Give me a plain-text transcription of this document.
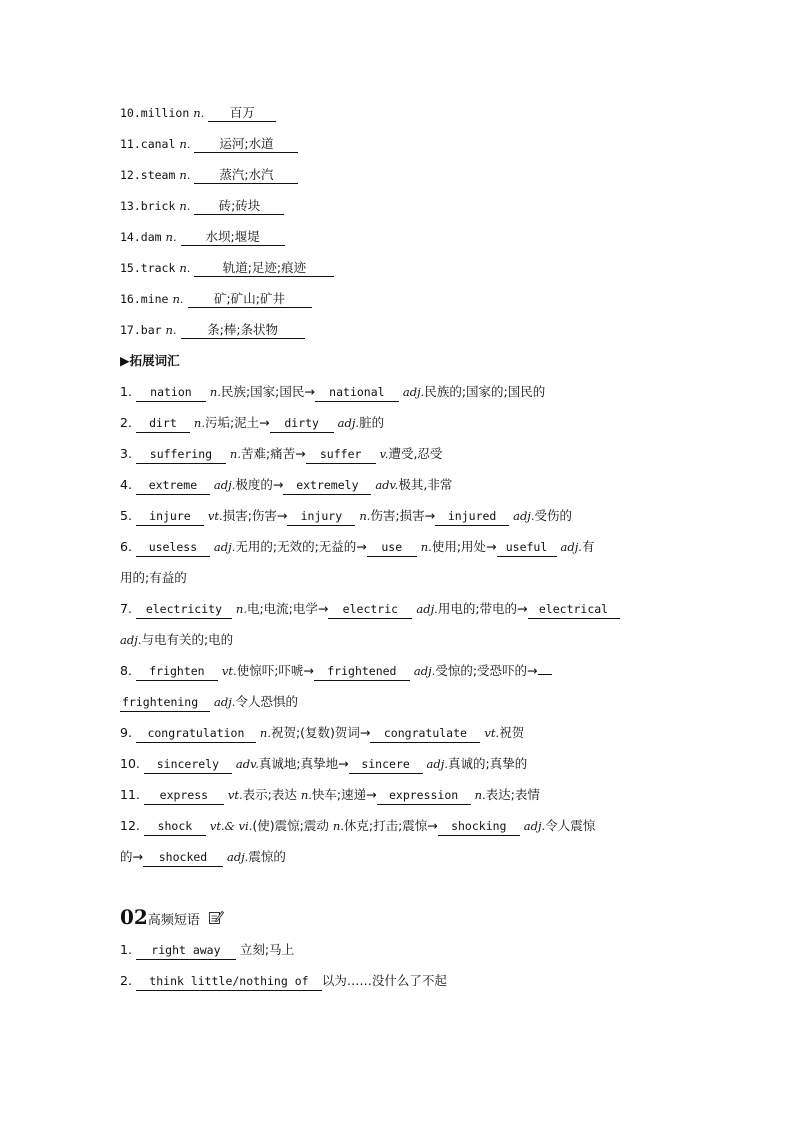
10.million n. 百万
11.canal n. 运河;水道
12.steam n. 蒸汽;水汽
13.brick n. 砖;砖块
14.dam n. 水坝;堰堤
15.track n.	轨道;足迹;痕迹
16.mine n. 矿;矿山;矿井
17.bar n. 条;棒;条状物
▶拓展词汇
1. nation n.民族;国家;国民→ national adj.民族的;国家的;国民的
2. dirt n.污垢;泥土→ dirty adj.脏的
3. suffering n.苦难;痛苦→ suffer v.遭受,忍受
4. extreme adj.极度的→ extremely adv.极其,非常
5. injure vt.损害;伤害→ injury n.伤害;损害→ injured adj.受伤的
6. useless adj.无用的;无效的;无益的→ use n.使用;用处→ useful adj.有
用的;有益的
7. electricity n.电;电流;电学→ electric adj.用电的;带电的→ electrical
adj.与电有关的;电的
8. frighten vt.使惊吓;吓唬→ frightened adj.受惊的;受恐吓的→
frightening adj.令人恐惧的
9. congratulation n.祝贺;(复数)贺词→ congratulate vt.祝贺
10. sincerely adv.真诚地;真挚地→ sincere adj.真诚的;真挚的
11. express vt.表示;表达 n.快车;速递→ expression n.表达;表情
12. shock vt.& vi.(使)震惊;震动 n.休克;打击;震惊→ shocking adj.令人震惊
的→ shocked adj.震惊的
02高频短语
1. right away 立刻;马上
2. think little/nothing of 以为……没什么了不起
